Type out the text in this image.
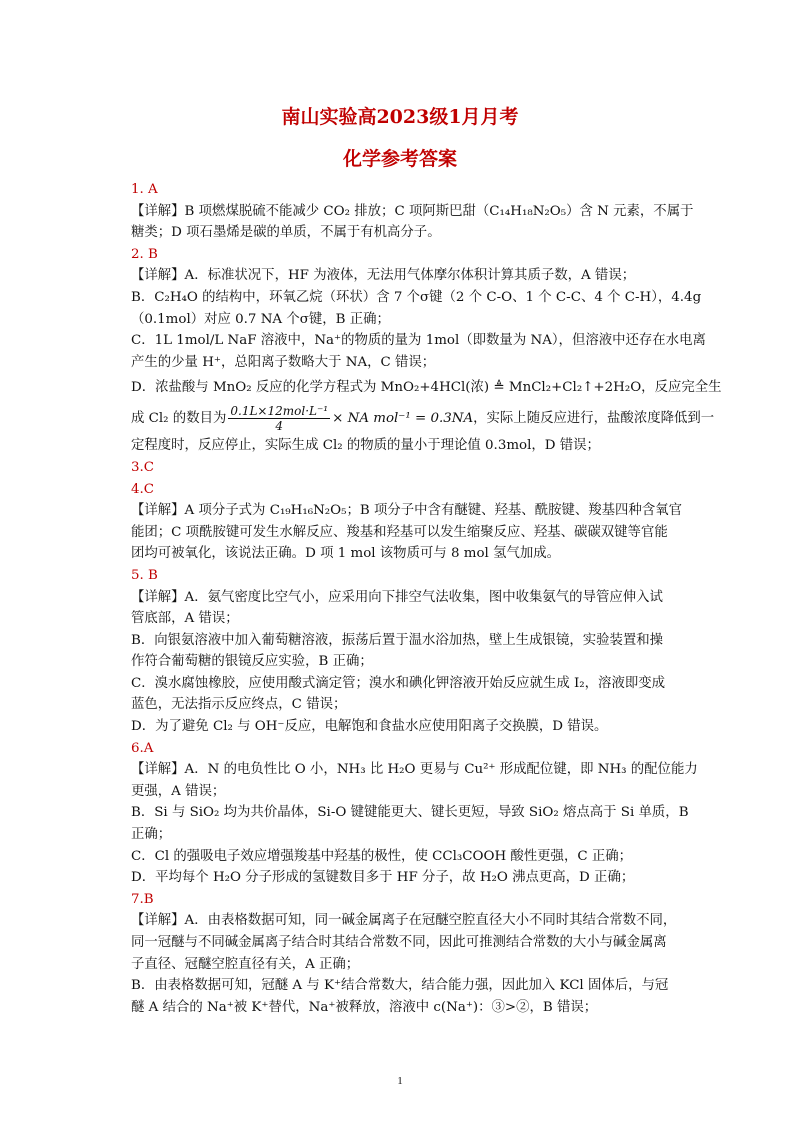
南山实验高2023级1月月考
化学参考答案
1. A
【详解】B 项燃煤脱硫不能减少 CO₂ 排放；C 项阿斯巴甜（C₁₄H₁₈N₂O₅）含 N 元素，不属于
糖类；D 项石墨烯是碳的单质，不属于有机高分子。
2. B
【详解】A．标准状况下，HF 为液体，无法用气体摩尔体积计算其质子数，A 错误；
B．C₂H₄O 的结构中，环氧乙烷（环状）含 7 个σ键（2 个 C-O、1 个 C-C、4 个 C-H），4.4g
（0.1mol）对应 0.7 NA 个σ键，B 正确；
C．1L 1mol/L NaF 溶液中，Na⁺的物质的量为 1mol（即数量为 NA），但溶液中还存在水电离
产生的少量 H⁺，总阳离子数略大于 NA，C 错误；
D．浓盐酸与 MnO₂ 反应的化学方程式为 MnO₂+4HCl(浓) ≜ MnCl₂+Cl₂↑+2H₂O，反应完全生
成 Cl₂ 的数目为 $\frac{\text{0.1L×12mol·L⁻¹}}{4}$ × NA mol⁻¹ = 0.3NA ，实际上随反应进行，盐酸浓度降低到一
定程度时，反应停止，实际生成 Cl₂ 的物质的量小于理论值 0.3mol，D 错误；
3.C
4.C
【详解】A 项分子式为 C₁₉H₁₆N₂O₅；B 项分子中含有醚键、羟基、酰胺键、羧基四种含氧官
能团；C 项酰胺键可发生水解反应、羧基和羟基可以发生缩聚反应、羟基、碳碳双键等官能
团均可被氧化，该说法正确。D 项 1 mol 该物质可与 8 mol 氢气加成。
5. B
【详解】A．氨气密度比空气小，应采用向下排空气法收集，图中收集氨气的导管应伸入试
管底部，A 错误；
B．向银氨溶液中加入葡萄糖溶液，振荡后置于温水浴加热，壁上生成银镜，实验装置和操
作符合葡萄糖的银镜反应实验，B 正确；
C．溴水腐蚀橡胶，应使用酸式滴定管；溴水和碘化钾溶液开始反应就生成 I₂，溶液即变成
蓝色，无法指示反应终点，C 错误；
D．为了避免 Cl₂ 与 OH⁻反应，电解饱和食盐水应使用阳离子交换膜，D 错误。
6.A
【详解】A．N 的电负性比 O 小，NH₃ 比 H₂O 更易与 Cu²⁺ 形成配位键，即 NH₃ 的配位能力
更强，A 错误；
B．Si 与 SiO₂ 均为共价晶体，Si-O 键键能更大、键长更短，导致 SiO₂ 熔点高于 Si 单质，B
正确；
C．Cl 的强吸电子效应增强羧基中羟基的极性，使 CCl₃COOH 酸性更强，C 正确；
D．平均每个 H₂O 分子形成的氢键数目多于 HF 分子，故 H₂O 沸点更高，D 正确；
7.B
【详解】A．由表格数据可知，同一碱金属离子在冠醚空腔直径大小不同时其结合常数不同，
同一冠醚与不同碱金属离子结合时其结合常数不同，因此可推测结合常数的大小与碱金属离
子直径、冠醚空腔直径有关，A 正确；
B．由表格数据可知，冠醚 A 与 K⁺结合常数大，结合能力强，因此加入 KCl 固体后，与冠
醚 A 结合的 Na⁺被 K⁺替代，Na⁺被释放，溶液中 c(Na⁺)：③>②，B 错误；
1
